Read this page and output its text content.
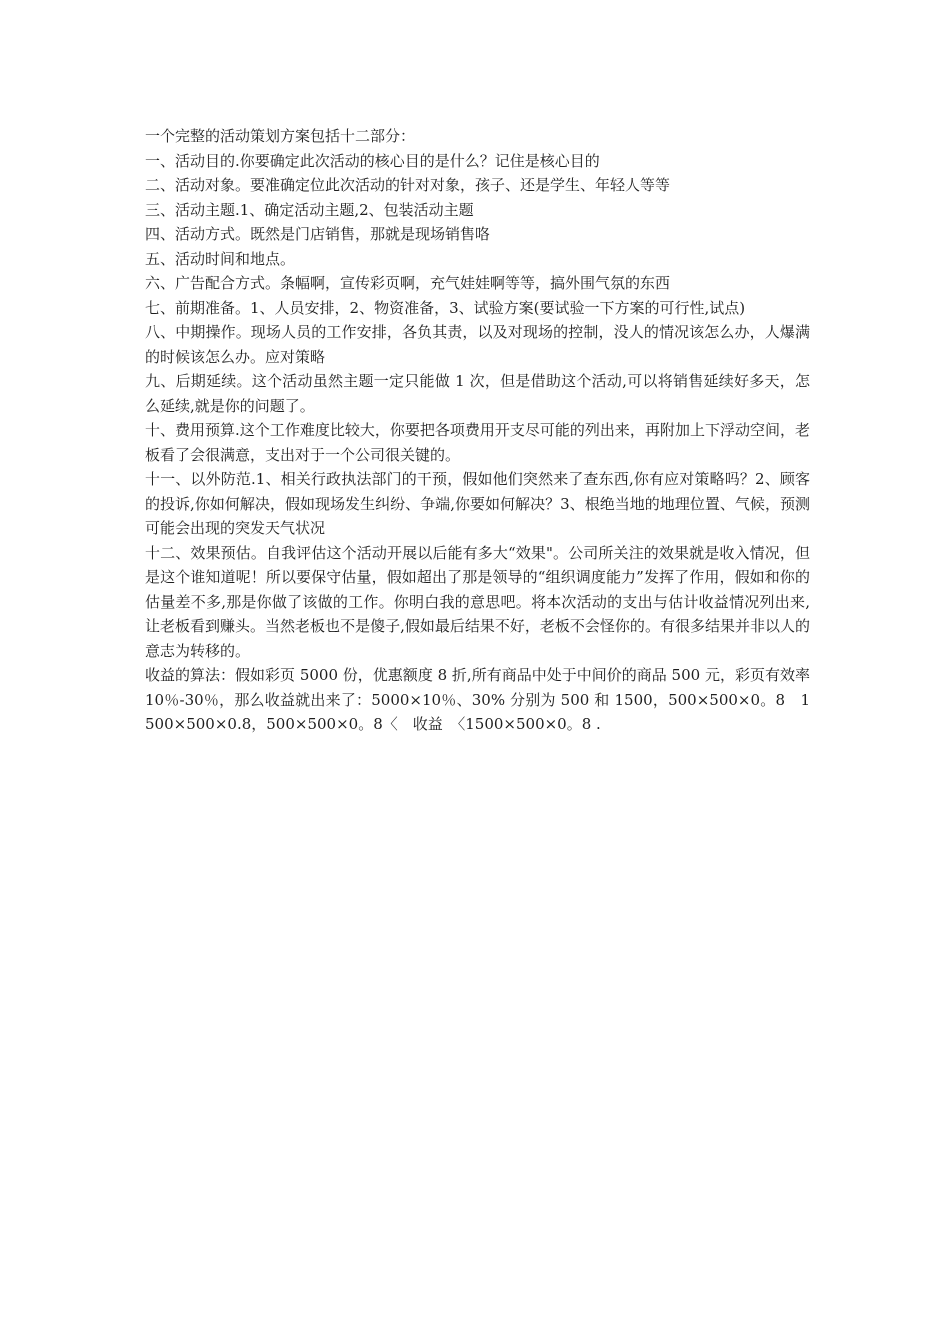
一个完整的活动策划方案包括十二部分：

一、活动目的.你要确定此次活动的核心目的是什么？记住是核心目的

二、活动对象。要准确定位此次活动的针对对象，孩子、还是学生、年轻人等等

三、活动主题.1、确定活动主题,2、包装活动主题

四、活动方式。既然是门店销售，那就是现场销售咯

五、活动时间和地点。

六、广告配合方式。条幅啊，宣传彩页啊，充气娃娃啊等等，搞外围气氛的东西

七、前期准备。1、人员安排，2、物资准备，3、试验方案(要试验一下方案的可行性,试点)

八、中期操作。现场人员的工作安排，各负其责，以及对现场的控制，没人的情况该怎么办，人爆满的时候该怎么办。应对策略

九、后期延续。这个活动虽然主题一定只能做 1 次，但是借助这个活动,可以将销售延续好多天，怎么延续,就是你的问题了。

十、费用预算.这个工作难度比较大，你要把各项费用开支尽可能的列出来，再附加上下浮动空间，老板看了会很满意，支出对于一个公司很关键的。

十一、以外防范.1、相关行政执法部门的干预，假如他们突然来了查东西,你有应对策略吗？2、顾客的投诉,你如何解决，假如现场发生纠纷、争端,你要如何解决？3、根绝当地的地理位置、气候，预测可能会出现的突发天气状况

十二、效果预估。自我评估这个活动开展以后能有多大“效果"。公司所关注的效果就是收入情况，但是这个谁知道呢！所以要保守估量，假如超出了那是领导的“组织调度能力”发挥了作用，假如和你的估量差不多,那是你做了该做的工作。你明白我的意思吧。将本次活动的支出与估计收益情况列出来,让老板看到赚头。当然老板也不是傻子,假如最后结果不好，老板不会怪你的。有很多结果并非以人的意志为转移的。

收益的算法：假如彩页 5000 份，优惠额度 8 折,所有商品中处于中间价的商品 500 元，彩页有效率 10％-30％，那么收益就出来了：5000×10％、30% 分别为 500 和 1500，500×500×0。8　1500×500×0.8，500×500×0。8〈　收益　〈1500×500×0。8 .
